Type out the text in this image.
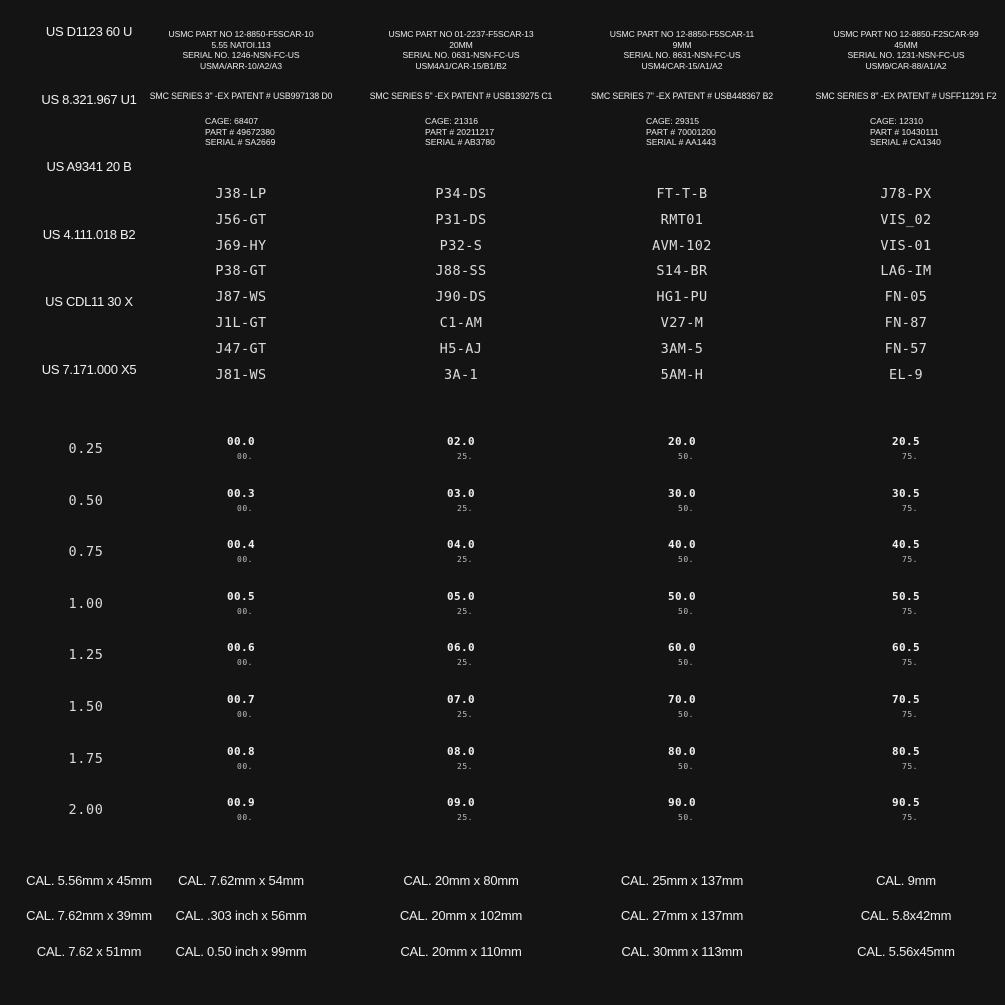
US D1123 60 U
US 8.321.967 U1
US A9341 20 B
US 4.111.018 B2
US CDL11 30 X
US 7.171.000 X5
0.25
0.50
0.75
1.00
1.25
1.50
1.75
2.00
CAL. 5.56mm x 45mm
CAL. 7.62mm x 39mm
CAL. 7.62 x 51mm
USMC PART NO 12-8850-F5SCAR-10
5.55 NATOI.113
SERIAL NO. 1246-NSN-FC-US
USMA/ARR-10/A2/A3
SMC SERIES 3" -EX PATENT # USB997138 D0
CAGE: 68407
PART # 49672380
SERIAL # SA2669
J38-LP
J56-GT
J69-HY
P38-GT
J87-WS
J1L-GT
J47-GT
J81-WS
00.0
00.
00.3
00.
00.4
00.
00.5
00.
00.6
00.
00.7
00.
00.8
00.
00.9
00.
CAL. 7.62mm x 54mm
CAL. .303 inch x 56mm
CAL. 0.50 inch x 99mm
USMC PART NO 01-2237-F5SCAR-13
20MM
SERIAL NO. 0631-NSN-FC-US
USM4A1/CAR-15/B1/B2
SMC SERIES 5" -EX PATENT # USB139275 C1
CAGE: 21316
PART # 20211217
SERIAL # AB3780
P34-DS
P31-DS
P32-S
J88-SS
J90-DS
C1-AM
H5-AJ
3A-1
02.0
25.
03.0
25.
04.0
25.
05.0
25.
06.0
25.
07.0
25.
08.0
25.
09.0
25.
CAL. 20mm x 80mm
CAL. 20mm x 102mm
CAL. 20mm x 110mm
USMC PART NO 12-8850-F5SCAR-11
9MM
SERIAL NO. 8631-NSN-FC-US
USM4/CAR-15/A1/A2
SMC SERIES 7" -EX PATENT # USB448367 B2
CAGE: 29315
PART # 70001200
SERIAL # AA1443
FT-T-B
RMT01
AVM-102
S14-BR
HG1-PU
V27-M
3AM-5
5AM-H
20.0
50.
30.0
50.
40.0
50.
50.0
50.
60.0
50.
70.0
50.
80.0
50.
90.0
50.
CAL. 25mm x 137mm
CAL. 27mm x 137mm
CAL. 30mm x 113mm
USMC PART NO 12-8850-F2SCAR-99
45MM
SERIAL NO. 1231-NSN-FC-US
USM9/CAR-88/A1/A2
SMC SERIES 8" -EX PATENT # USFF11291 F2
CAGE: 12310
PART # 10430111
SERIAL # CA1340
J78-PX
VIS_02
VIS-01
LA6-IM
FN-05
FN-87
FN-57
EL-9
20.5
75.
30.5
75.
40.5
75.
50.5
75.
60.5
75.
70.5
75.
80.5
75.
90.5
75.
CAL. 9mm
CAL. 5.8x42mm
CAL. 5.56x45mm
